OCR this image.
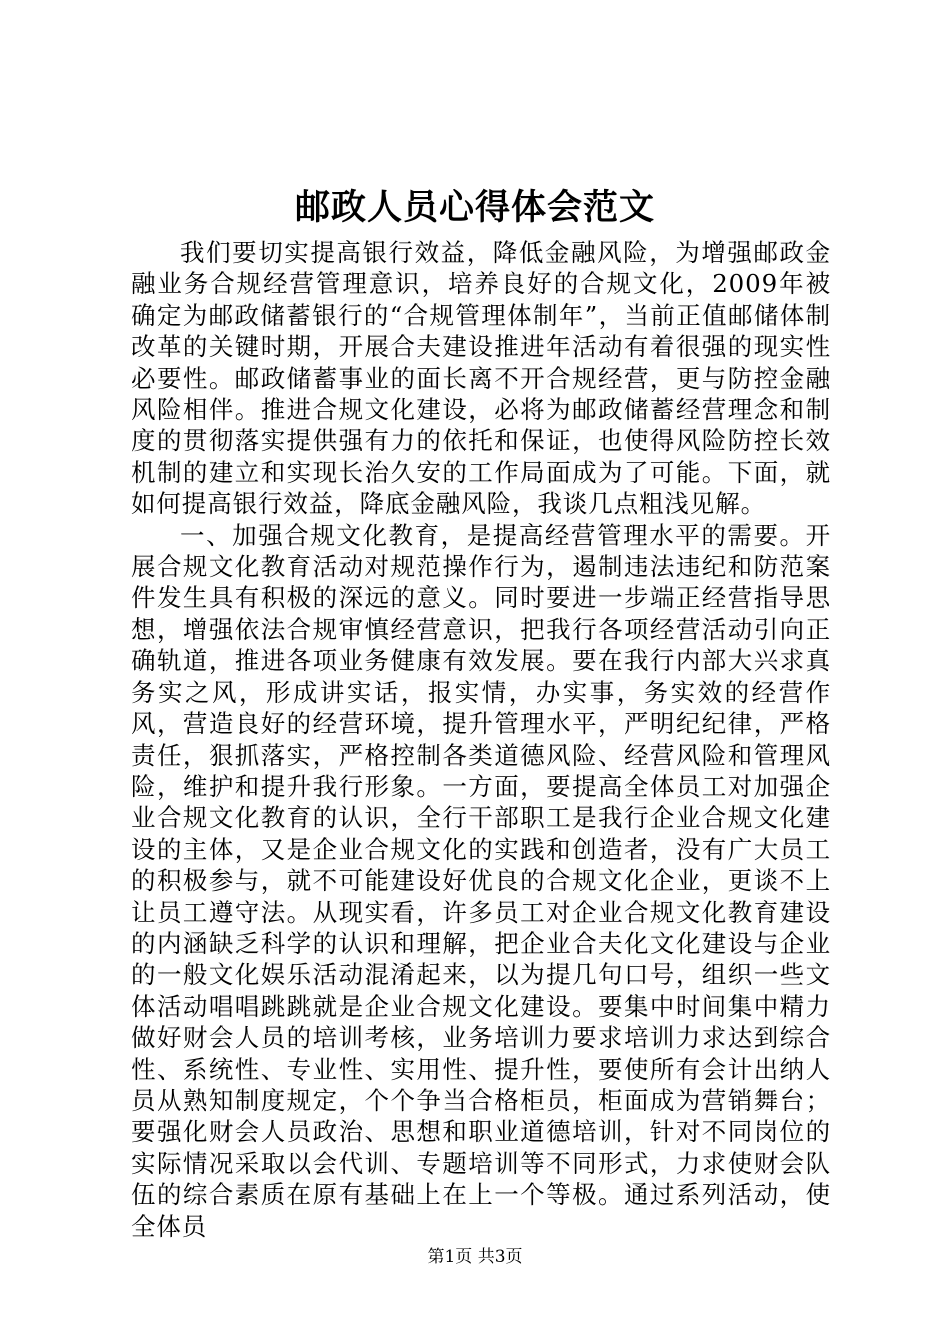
邮政人员心得体会范文

我们要切实提高银行效益，降低金融风险，为增强邮政金融业务合规经营管理意识，培养良好的合规文化，2009年被确定为邮政储蓄银行的“合规管理体制年”，当前正值邮储体制改革的关键时期，开展合夫建设推进年活动有着很强的现实性必要性。邮政储蓄事业的面长离不开合规经营，更与防控金融风险相伴。推进合规文化建设，必将为邮政储蓄经营理念和制度的贯彻落实提供强有力的依托和保证，也使得风险防控长效机制的建立和实现长治久安的工作局面成为了可能。下面，就如何提高银行效益，降底金融风险，我谈几点粗浅见解。

一、加强合规文化教育，是提高经营管理水平的需要。开展合规文化教育活动对规范操作行为，遏制违法违纪和防范案件发生具有积极的深远的意义。同时要进一步端正经营指导思想，增强依法合规审慎经营意识，把我行各项经营活动引向正确轨道，推进各项业务健康有效发展。要在我行内部大兴求真务实之风，形成讲实话，报实情，办实事，务实效的经营作风，营造良好的经营环境，提升管理水平，严明纪纪律，严格责任，狠抓落实，严格控制各类道德风险、经营风险和管理风险，维护和提升我行形象。一方面，要提高全体员工对加强企业合规文化教育的认识，全行干部职工是我行企业合规文化建设的主体，又是企业合规文化的实践和创造者，没有广大员工的积极参与，就不可能建设好优良的合规文化企业，更谈不上让员工遵守法。从现实看，许多员工对企业合规文化教育建设的内涵缺乏科学的认识和理解，把企业合夫化文化建设与企业的一般文化娱乐活动混淆起来，以为提几句口号，组织一些文体活动唱唱跳跳就是企业合规文化建设。要集中时间集中精力做好财会人员的培训考核，业务培训力要求培训力求达到综合性、系统性、专业性、实用性、提升性，要使所有会计出纳人员从熟知制度规定，个个争当合格柜员，柜面成为营销舞台；要强化财会人员政治、思想和职业道德培训，针对不同岗位的实际情况采取以会代训、专题培训等不同形式，力求使财会队伍的综合素质在原有基础上在上一个等极。通过系列活动，使全体员

第1页 共3页
